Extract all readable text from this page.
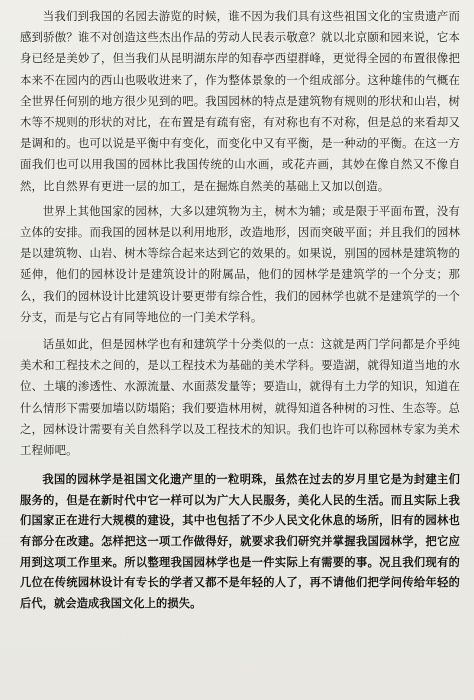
当我们到我国的名园去游览的时候，谁不因为我们具有这些祖国文化的宝贵遗产而感到骄傲？谁不对创造这些杰出作品的劳动人民表示敬意？就以北京颐和园来说，它本身已经是美妙了，但当我们从昆明湖东岸的知春亭西望群峰，更觉得全园的布置很像把本来不在园内的西山也吸收进来了，作为整体景象的一个组成部分。这种雄伟的气概在全世界任何别的地方很少见到的吧。我国园林的特点是建筑物有规则的形状和山岩，树木等不规则的形状的对比，在布置是有疏有密，有对称也有不对称，但是总的来看却又是调和的。也可以说是平衡中有变化，而变化中又有平衡，是一种动的平衡。在这一方面我们也可以用我国的园林比我国传统的山水画，或花卉画，其妙在像自然又不像自然，比自然界有更进一层的加工，是在掘炼自然美的基础上又加以创造。

世界上其他国家的园林，大多以建筑物为主，树木为辅；或是限于平面布置，没有立体的安排。而我国的园林是以利用地形，改造地形，因而突破平面；并且我们的园林是以建筑物、山岩、树木等综合起来达到它的效果的。如果说，别国的园林是建筑物的延伸，他们的园林设计是建筑设计的附属品，他们的园林学是建筑学的一个分支；那么，我们的园林设计比建筑设计要更带有综合性，我们的园林学也就不是建筑学的一个分支，而是与它占有同等地位的一门美术学科。

话虽如此，但是园林学也有和建筑学十分类似的一点：这就是两门学问都是介乎纯美术和工程技术之间的，是以工程技术为基础的美术学科。要造湖，就得知道当地的水位、土壤的渗透性、水源流量、水面蒸发量等；要造山，就得有土力学的知识，知道在什么情形下需要加墙以防塌陷；我们要造林用树，就得知道各种树的习性、生态等。总之，园林设计需要有关自然科学以及工程技术的知识。我们也许可以称园林专家为美术工程师吧。

我国的园林学是祖国文化遗产里的一粒明珠，虽然在过去的岁月里它是为封建主们服务的，但是在新时代中它一样可以为广大人民服务，美化人民的生活。而且实际上我们国家正在进行大规模的建设，其中也包括了不少人民文化休息的场所，旧有的园林也有部分在改建。怎样把这一项工作做得好，就要求我们研究并掌握我国园林学，把它应用到这项工作里来。所以整理我国园林学也是一件实际上有需要的事。况且我们现有的几位在传统园林设计有专长的学者又都不是年轻的人了，再不请他们把学问传给年轻的后代，就会造成我国文化上的损失。
